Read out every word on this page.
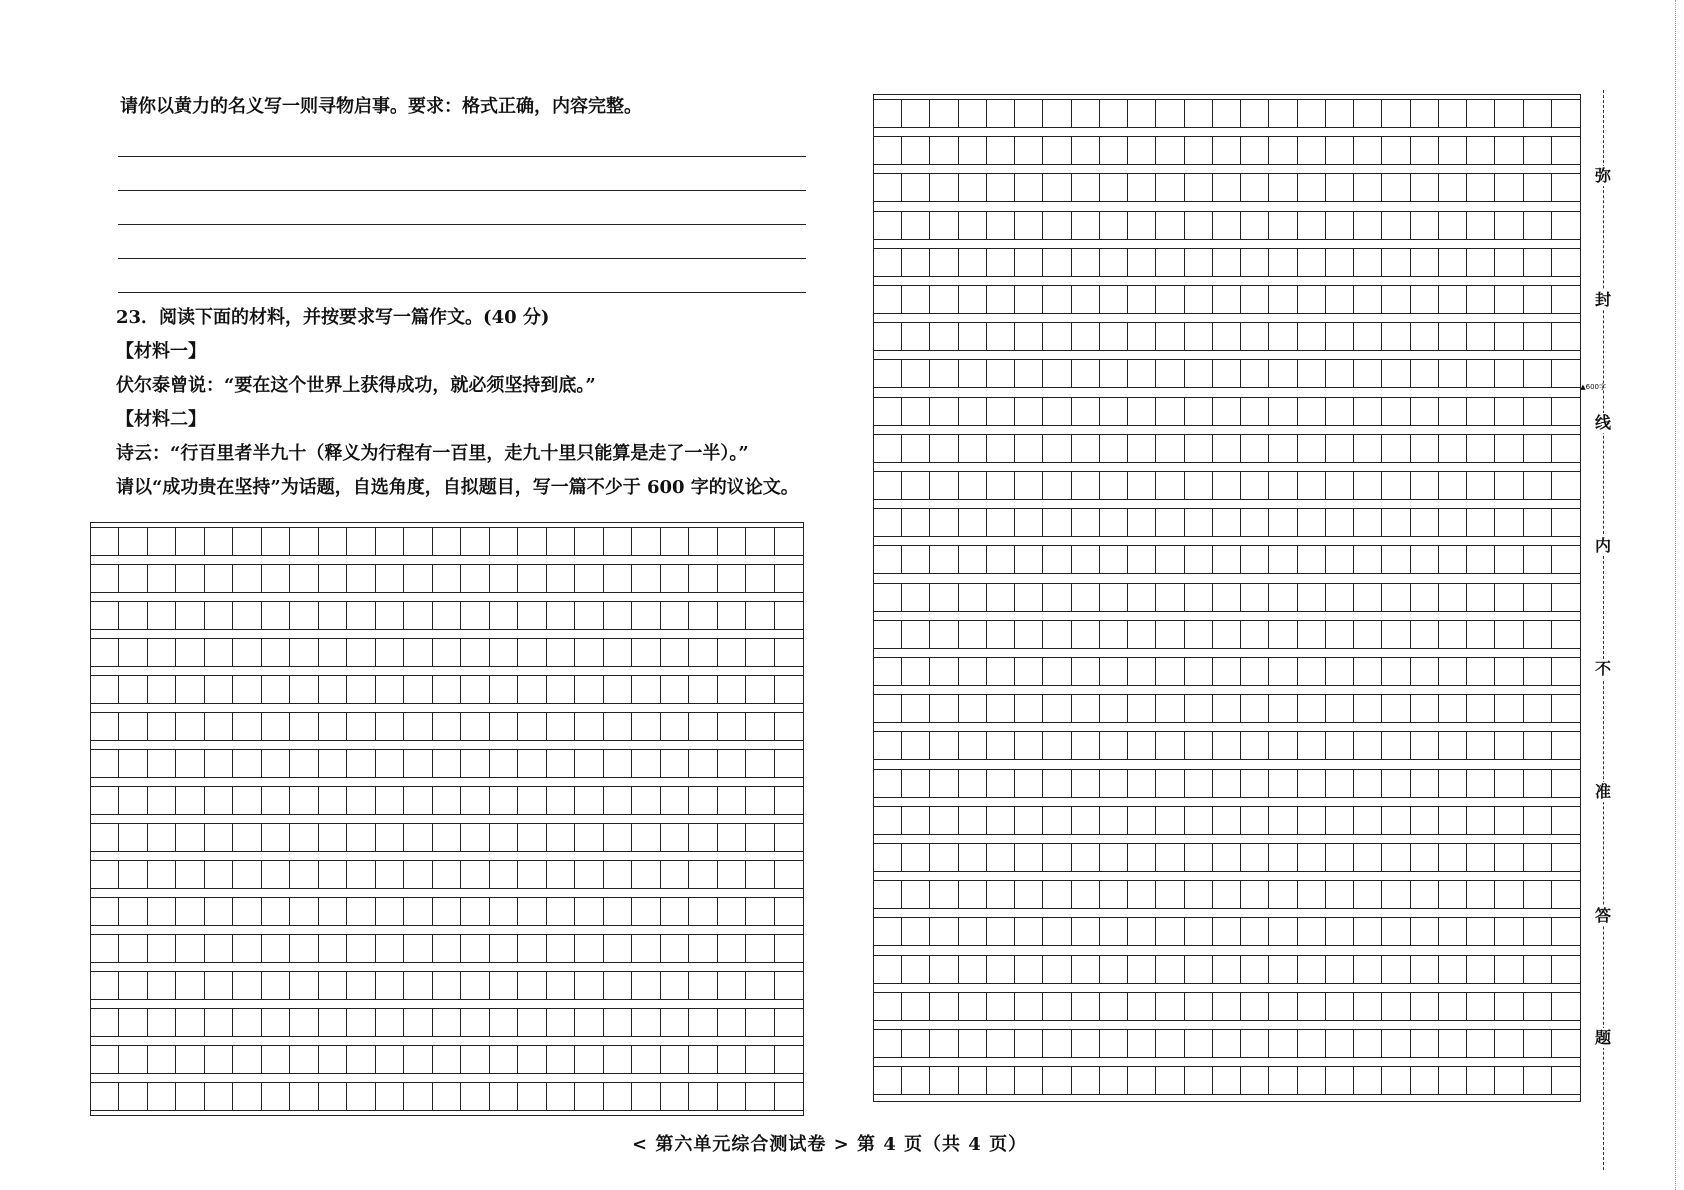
请你以黄力的名义写一则寻物启事。要求：格式正确，内容完整。
23．阅读下面的材料，并按要求写一篇作文。(40 分)
【材料一】
伏尔泰曾说：“要在这个世界上获得成功，就必须坚持到底。”
【材料二】
诗云：“行百里者半九十（释义为行程有一百里，走九十里只能算是走了一半）。”
请以“成功贵在坚持”为话题，自选角度，自拟题目，写一篇不少于 600 字的议论文。
▲600字
弥
封
线
内
不
准
答
题
< 第六单元综合测试卷 > 第 4 页（共 4 页）
